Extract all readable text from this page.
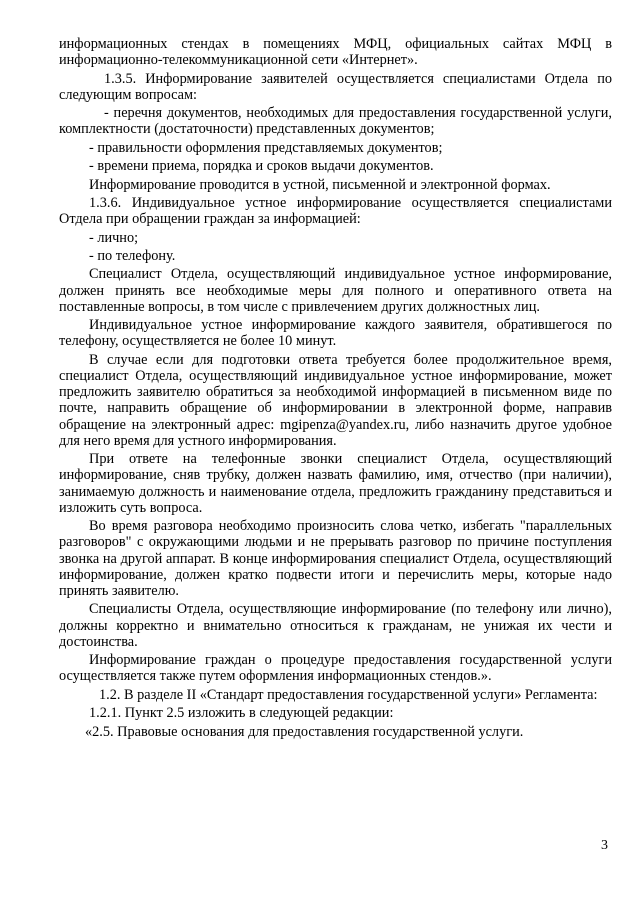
информационных стендах в помещениях МФЦ, официальных сайтах МФЦ в информационно-телекоммуникационной сети «Интернет».

1.3.5. Информирование заявителей осуществляется специалистами Отдела по следующим вопросам:

- перечня документов, необходимых для предоставления государственной услуги, комплектности (достаточности) представленных документов;

- правильности оформления представляемых документов;

- времени приема, порядка и сроков выдачи документов.

Информирование проводится в устной, письменной и электронной формах.

1.3.6. Индивидуальное устное информирование осуществляется специалистами Отдела при обращении граждан за информацией:

- лично;

- по телефону.

Специалист Отдела, осуществляющий индивидуальное устное информирование, должен принять все необходимые меры для полного и оперативного ответа на поставленные вопросы, в том числе с привлечением других должностных лиц.

Индивидуальное устное информирование каждого заявителя, обратившегося по телефону, осуществляется не более 10 минут.

В случае если для подготовки ответа требуется более продолжительное время, специалист Отдела, осуществляющий индивидуальное устное информирование, может предложить заявителю обратиться за необходимой информацией в письменном виде по почте, направить обращение об информировании в электронной форме, направив обращение на электронный адрес: mgipenza@yandex.ru, либо назначить другое удобное для него время для устного информирования.

При ответе на телефонные звонки специалист Отдела, осуществляющий информирование, сняв трубку, должен назвать фамилию, имя, отчество (при наличии), занимаемую должность и наименование отдела, предложить гражданину представиться и изложить суть вопроса.

Во время разговора необходимо произносить слова четко, избегать "параллельных разговоров" с окружающими людьми и не прерывать разговор по причине поступления звонка на другой аппарат. В конце информирования специалист Отдела, осуществляющий информирование, должен кратко подвести итоги и перечислить меры, которые надо принять заявителю.

Специалисты Отдела, осуществляющие информирование (по телефону или лично), должны корректно и внимательно относиться к гражданам, не унижая их чести и достоинства.

Информирование граждан о процедуре предоставления государственной услуги осуществляется также путем оформления информационных стендов.».

1.2. В разделе II «Стандарт предоставления государственной услуги» Регламента:

1.2.1. Пункт 2.5 изложить в следующей редакции:

«2.5. Правовые основания для предоставления государственной услуги.

3
